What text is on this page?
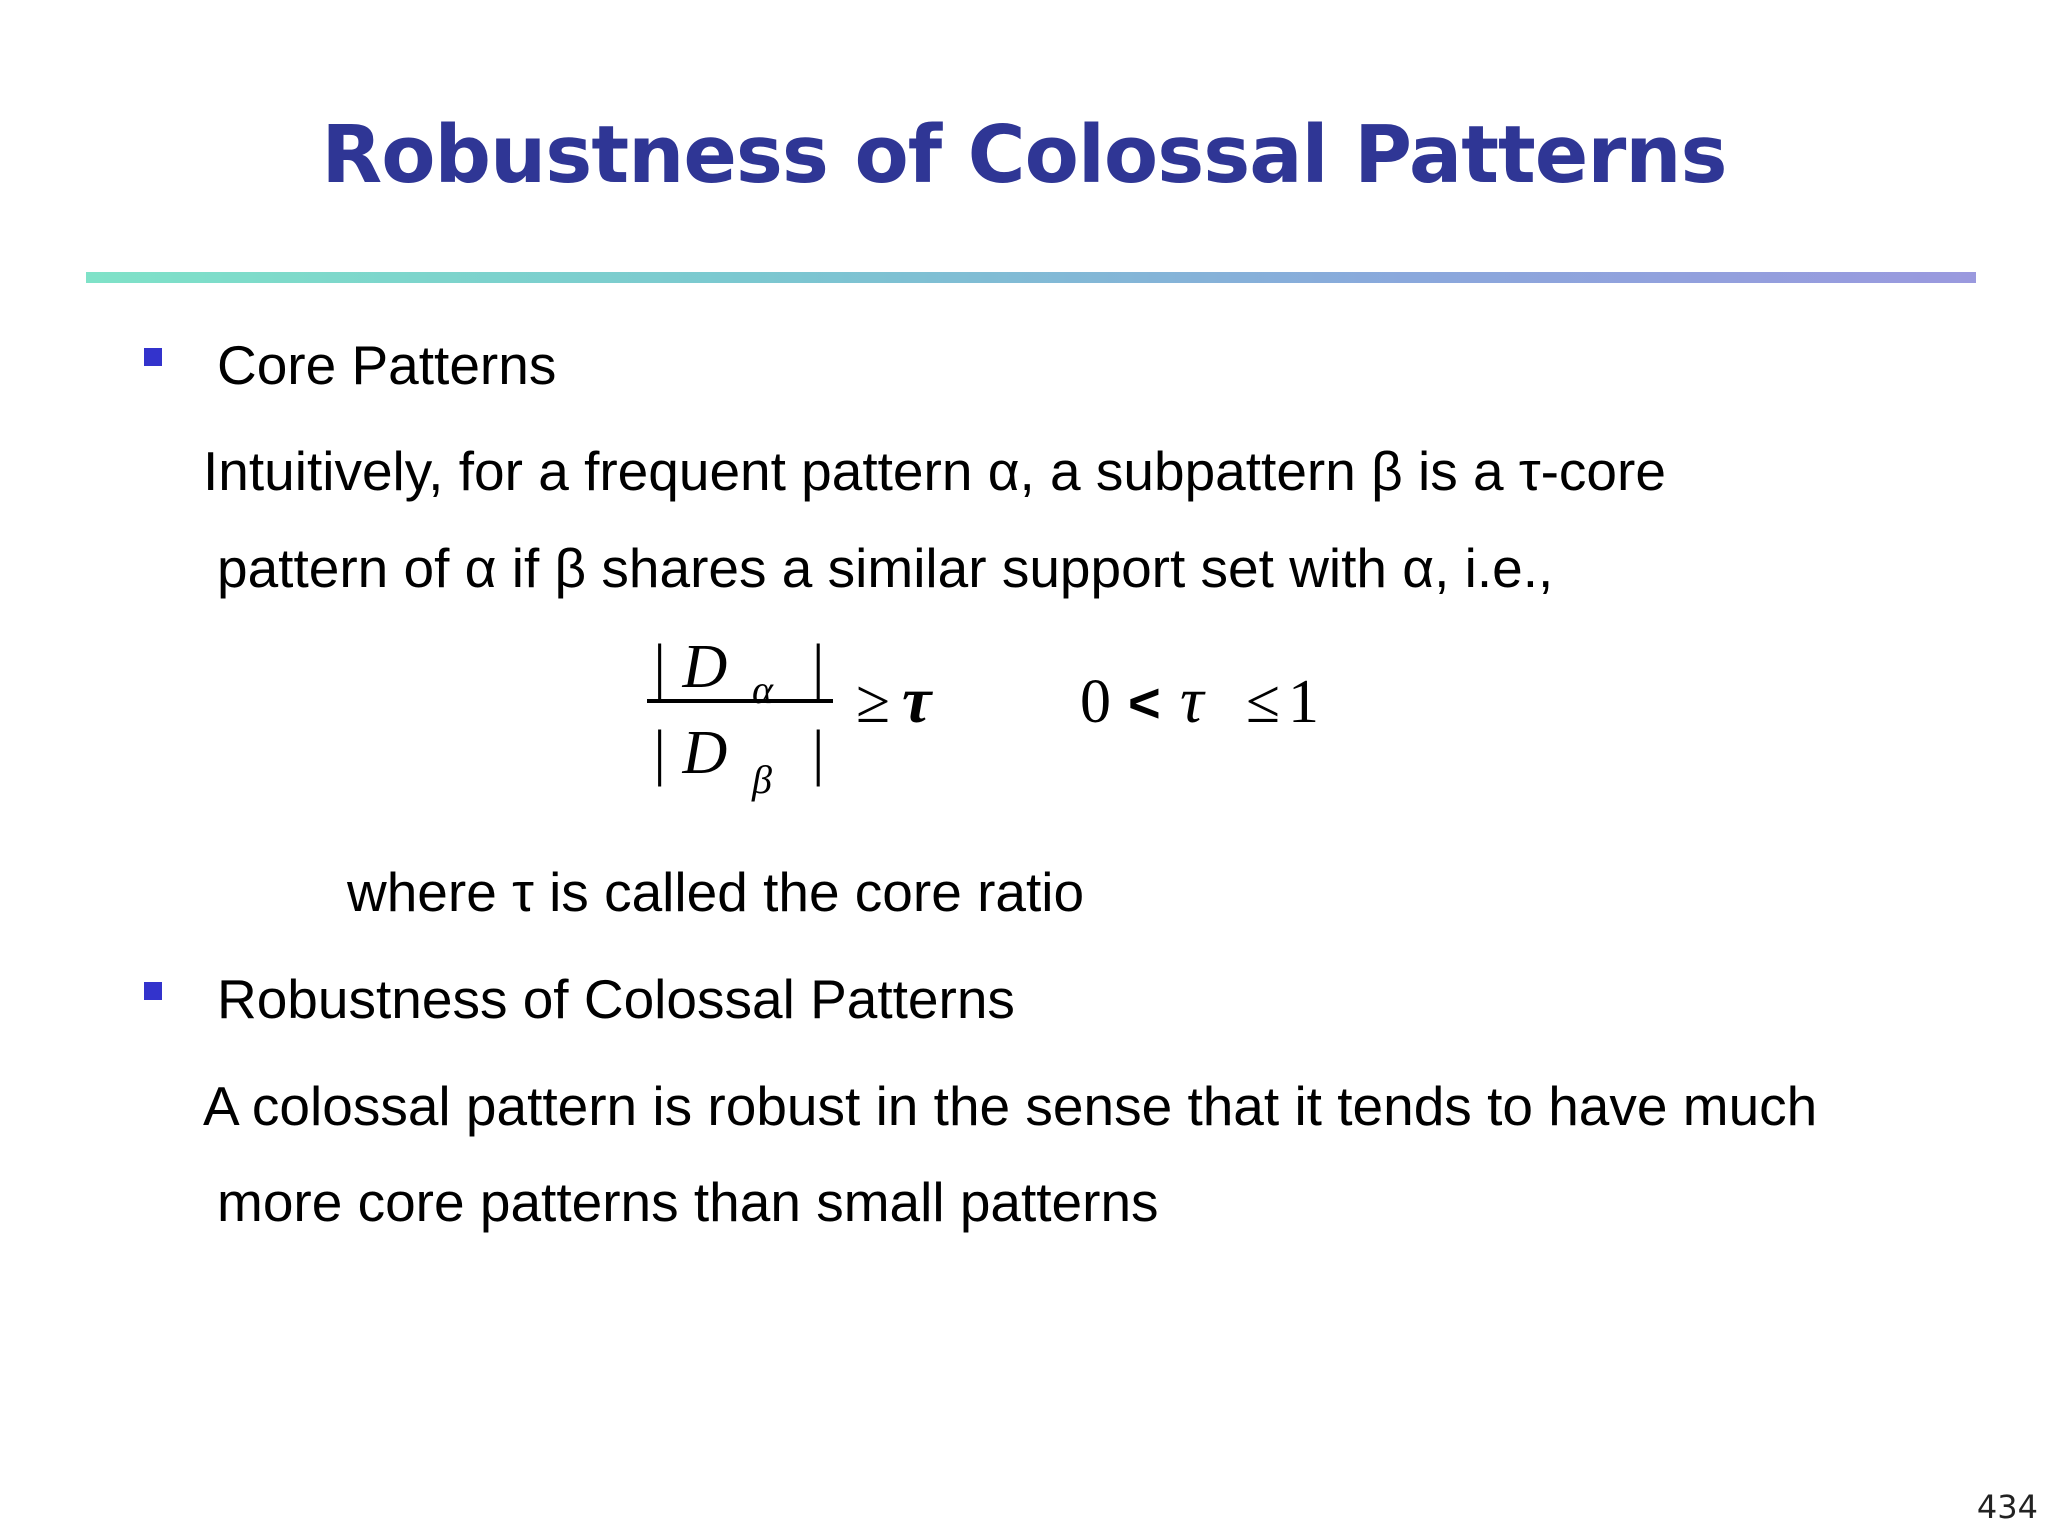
Robustness of Colossal Patterns
Core Patterns
Intuitively, for a frequent pattern α, a subpattern β is a τ-core
pattern of α if β shares a similar support set with α, i.e.,
| D α |
| D β |
≥ τ 0 < τ ≤ 1
where τ is called the core ratio
Robustness of Colossal Patterns
A colossal pattern is robust in the sense that it tends to have much
more core patterns than small patterns
434
